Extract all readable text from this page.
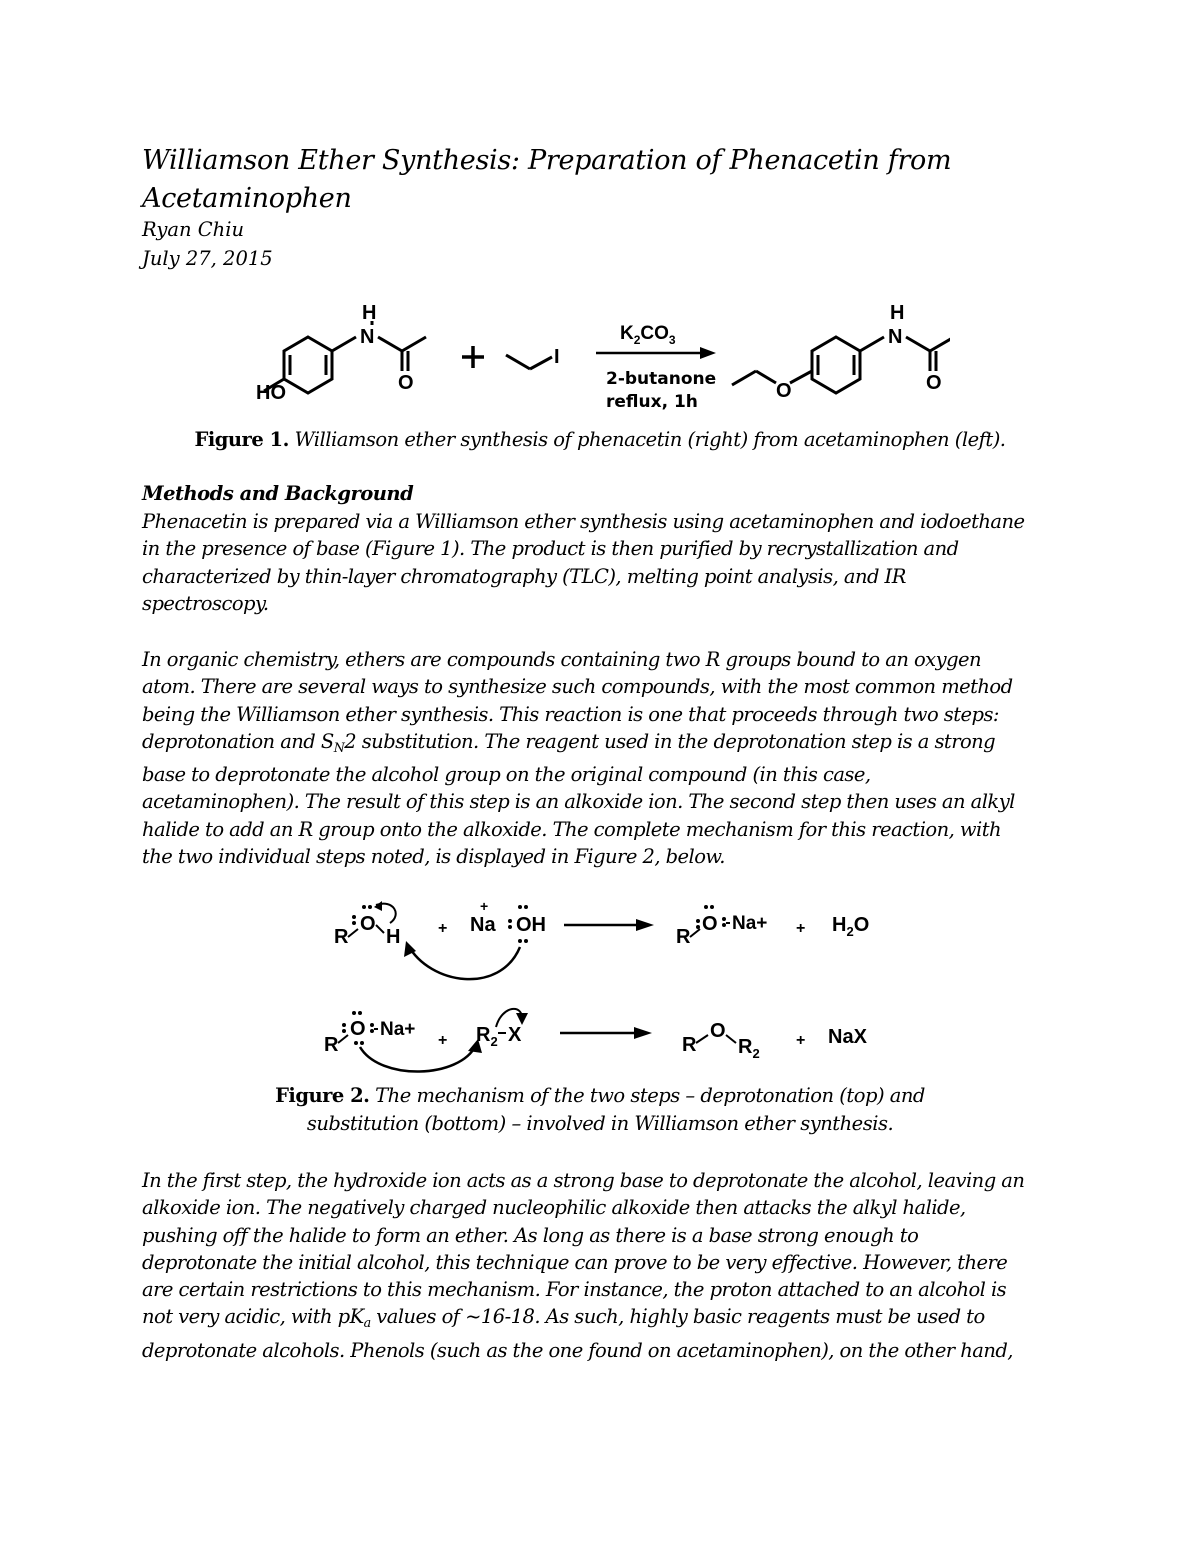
Williamson Ether Synthesis: Preparation of Phenacetin from Acetaminophen
Ryan Chiu
July 27, 2015
H
N
O
HO
I
$K_2CO_3$
2-butanone
reflux, 1h	O
H
N
O
Figure 1. Williamson ether synthesis of phenacetin (right) from acetaminophen (left).
Methods and Background
Phenacetin is prepared via a Williamson ether synthesis using acetaminophen and iodoethane
in the presence of base (Figure 1). The product is then purified by recrystallization and
characterized by thin-layer chromatography (TLC), melting point analysis, and IR
spectroscopy.
In organic chemistry, ethers are compounds containing two R groups bound to an oxygen
atom. There are several ways to synthesize such compounds, with the most common method
being the Williamson ether synthesis. This reaction is one that proceeds through two steps:
deprotonation and SN2 substitution. The reagent used in the deprotonation step is a strong
base to deprotonate the alcohol group on the original compound (in this case,
acetaminophen). The result of this step is an alkoxide ion. The second step then uses an alkyl
halide to add an R group onto the alkoxide. The complete mechanism for this reaction, with
the two individual steps noted, is displayed in Figure 2, below.
R
O
H + Na
+
OH
R
O $Na+ + H_2O$
R
O Na+
+ $R_2$ X	R
O
$R_2$
+ NaX
Figure 2. The mechanism of the two steps – deprotonation (top) and
substitution (bottom) – involved in Williamson ether synthesis.
In the first step, the hydroxide ion acts as a strong base to deprotonate the alcohol, leaving an
alkoxide ion. The negatively charged nucleophilic alkoxide then attacks the alkyl halide,
pushing off the halide to form an ether. As long as there is a base strong enough to
deprotonate the initial alcohol, this technique can prove to be very effective. However, there
are certain restrictions to this mechanism. For instance, the proton attached to an alcohol is
not very acidic, with pKa values of ~16-18. As such, highly basic reagents must be used to
deprotonate alcohols. Phenols (such as the one found on acetaminophen), on the other hand,
